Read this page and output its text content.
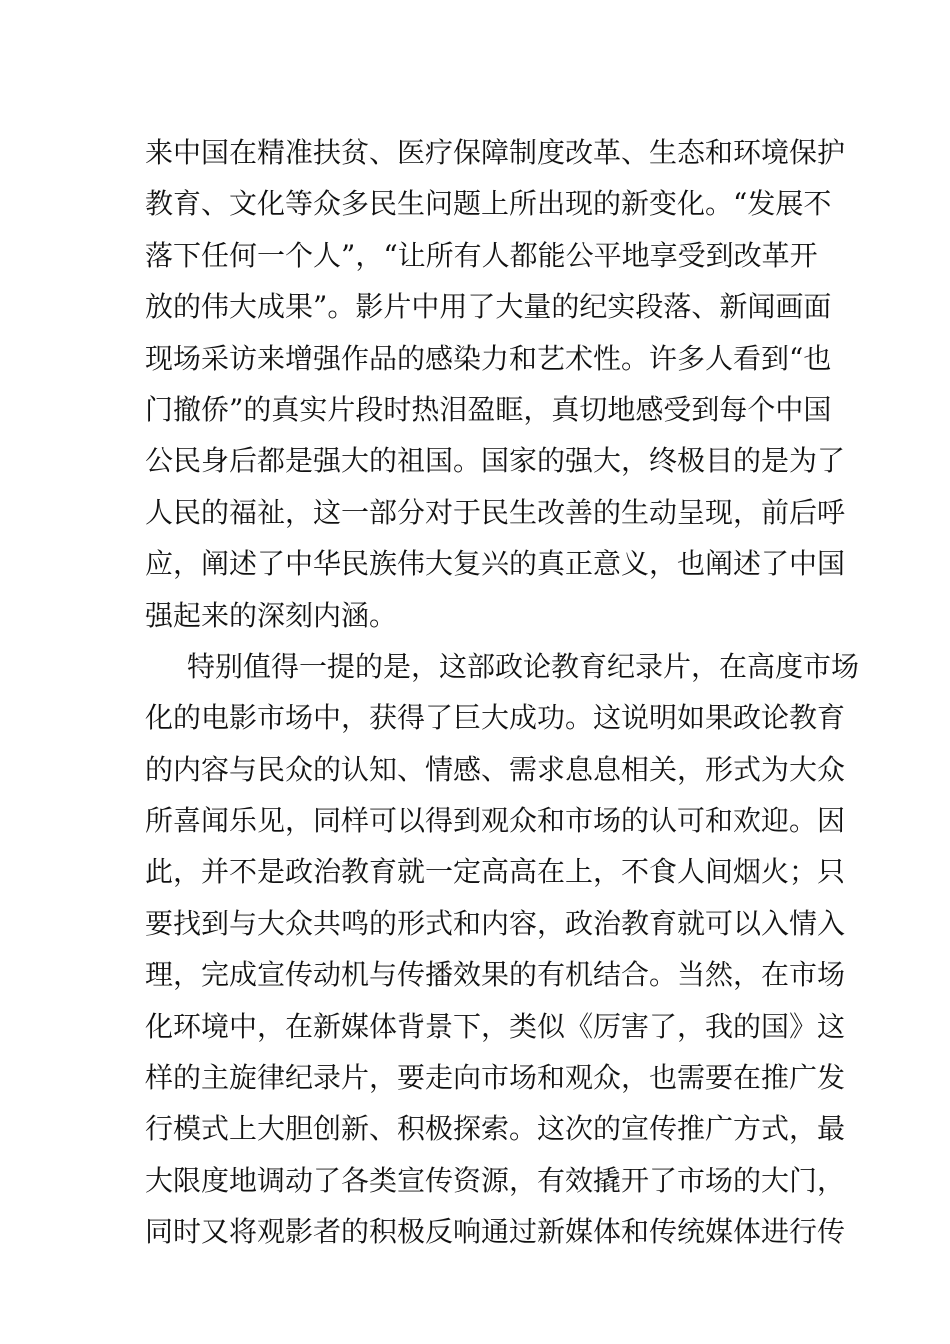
来中国在精准扶贫、医疗保障制度改革、生态和环境保护
教育、文化等众多民生问题上所出现的新变化。“发展不
落下任何一个人”，“让所有人都能公平地享受到改革开
放的伟大成果”。影片中用了大量的纪实段落、新闻画面
现场采访来增强作品的感染力和艺术性。许多人看到“也
门撤侨”的真实片段时热泪盈眶，真切地感受到每个中国
公民身后都是强大的祖国。国家的强大，终极目的是为了
人民的福祉，这一部分对于民生改善的生动呈现，前后呼
应，阐述了中华民族伟大复兴的真正意义，也阐述了中国
强起来的深刻内涵。
特别值得一提的是，这部政论教育纪录片，在高度市场
化的电影市场中，获得了巨大成功。这说明如果政论教育
的内容与民众的认知、情感、需求息息相关，形式为大众
所喜闻乐见，同样可以得到观众和市场的认可和欢迎。因
此，并不是政治教育就一定高高在上，不食人间烟火；只
要找到与大众共鸣的形式和内容，政治教育就可以入情入
理，完成宣传动机与传播效果的有机结合。当然，在市场
化环境中，在新媒体背景下，类似《厉害了，我的国》这
样的主旋律纪录片，要走向市场和观众，也需要在推广发
行模式上大胆创新、积极探索。这次的宣传推广方式，最
大限度地调动了各类宣传资源，有效撬开了市场的大门，
同时又将观影者的积极反响通过新媒体和传统媒体进行传
